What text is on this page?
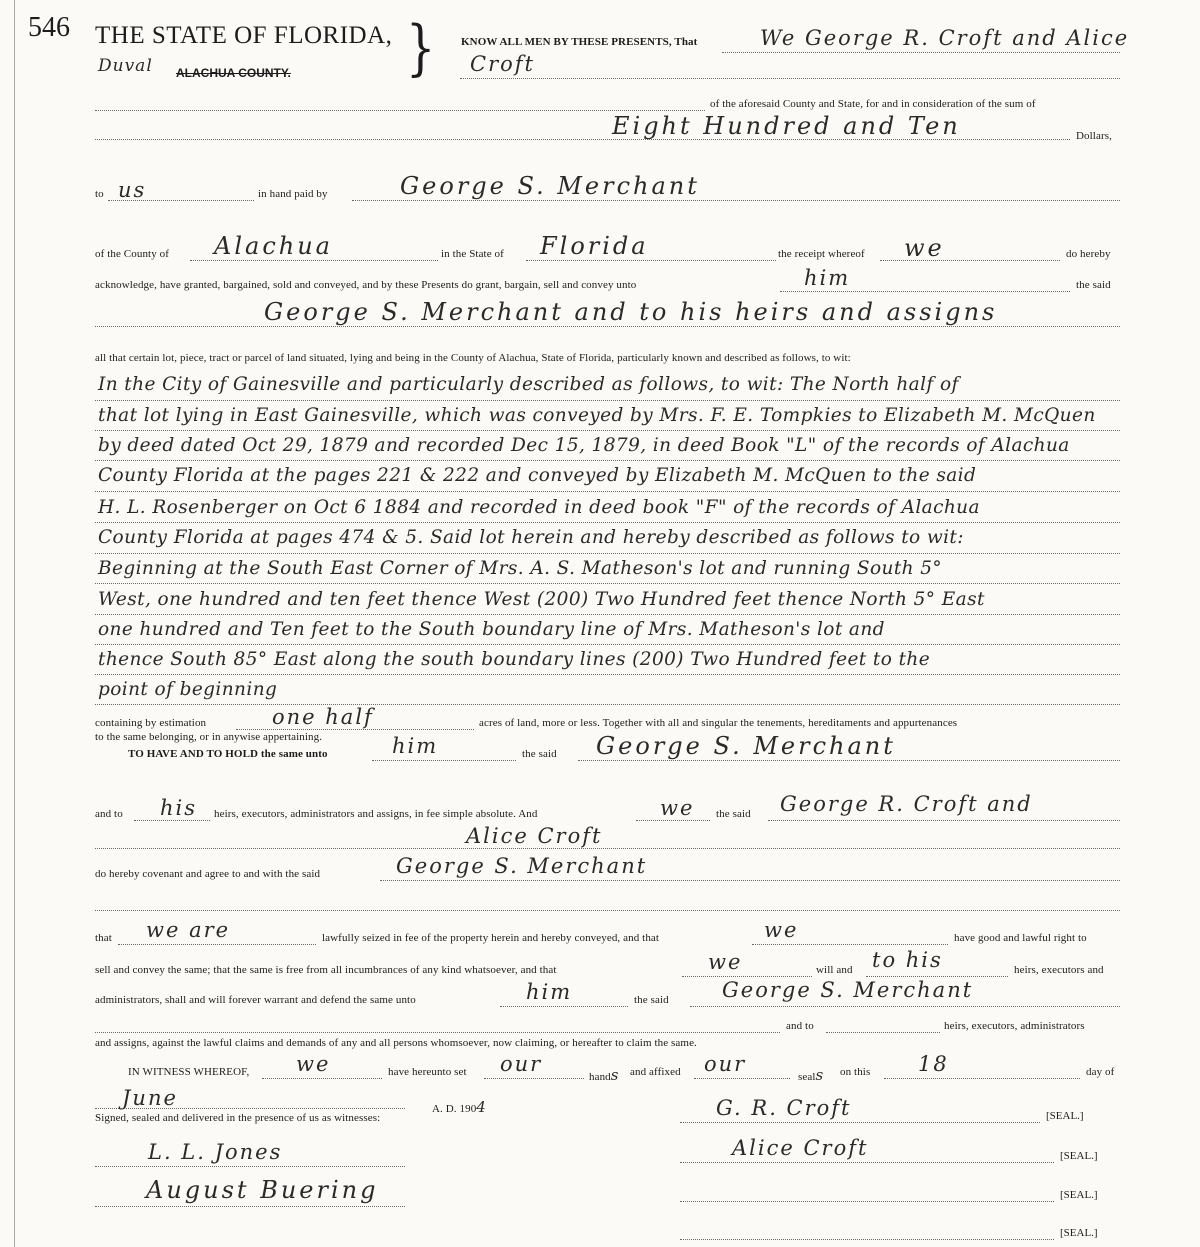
546 THE STATE OF FLORIDA, }
Duval ALACHUA COUNTY.
KNOW ALL MEN BY THESE PRESENTS, That	We George R. Croft and Alice
Croft
of the aforesaid County and State, for and in consideration of the sum of
Eight Hundred and Ten	Dollars,
to us	in hand paid by	George S. Merchant
of the County of Alachua	in the State of Florida	the receipt whereof we	do hereby
acknowledge, have granted, bargained, sold and conveyed, and by these Presents do grant, bargain, sell and convey unto	him	the said
George S. Merchant and to his heirs and assigns
all that certain lot, piece, tract or parcel of land situated, lying and being in the County of Alachua, State of Florida, particularly known and described as follows, to wit:
In the City of Gainesville and particularly described as follows, to wit: The North half of
that lot lying in East Gainesville, which was conveyed by Mrs. F. E. Tompkies to Elizabeth M. McQuen
by deed dated Oct 29, 1879 and recorded Dec 15, 1879, in deed Book "L" of the records of Alachua
County Florida at the pages 221 & 222 and conveyed by Elizabeth M. McQuen to the said
H. L. Rosenberger on Oct 6 1884 and recorded in deed book "F" of the records of Alachua
County Florida at pages 474 & 5. Said lot herein and hereby described as follows to wit:
Beginning at the South East Corner of Mrs. A. S. Matheson's lot and running South 5°
West, one hundred and ten feet thence West (200) Two Hundred feet thence North 5° East
one hundred and Ten feet to the South boundary line of Mrs. Matheson's lot and
thence South 85° East along the south boundary lines (200) Two Hundred feet to the
point of beginning
containing by estimation	one half	acres of land, more or less. Together with all and singular the tenements, hereditaments and appurtenances
to the same belonging, or in anywise appertaining.
TO HAVE AND TO HOLD the same unto	him	the said George S. Merchant
and to his heirs, executors, administrators and assigns, in fee simple absolute. And	we the said George R. Croft and
Alice Croft
do hereby covenant and agree to and with the said	George S. Merchant
that we are	lawfully seized in fee of the property herein and hereby conveyed, and that	we	have good and lawful right to
sell and convey the same; that the same is free from all incumbrances of any kind whatsoever, and that	we	will and to his	heirs, executors and
administrators, shall and will forever warrant and defend the same unto	him	the said	George S. Merchant
and to	heirs, executors, administrators
and assigns, against the lawful claims and demands of any and all persons whomsoever, now claiming, or hereafter to claim the same.
IN WITNESS WHEREOF, we	have hereunto set our
hands and affixed our
seals on this 18	day of
June	A. D. 1904
Signed, sealed and delivered in the presence of us as witnesses:
L. L. Jones
August Buering
G. R. Croft	[SEAL.]
Alice Croft	[SEAL.]
[SEAL.]
[SEAL.]
